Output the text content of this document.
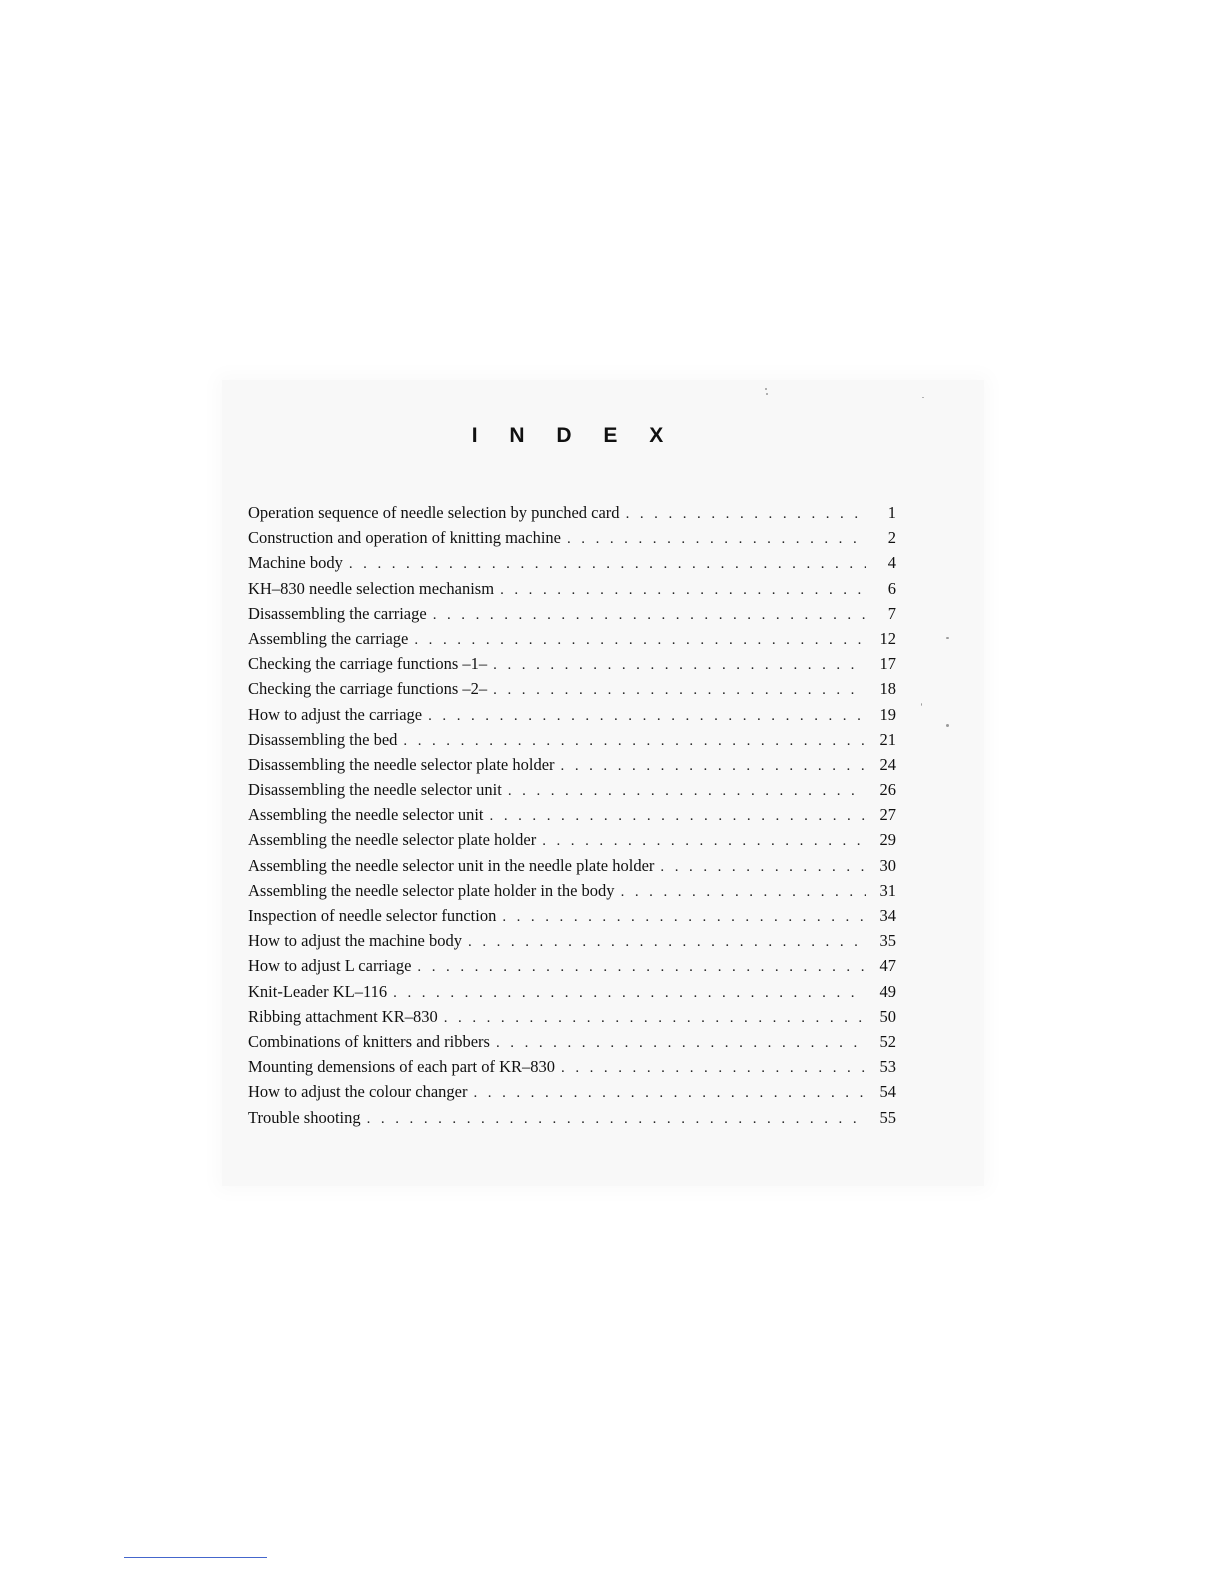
I N D E X
Operation sequence of needle selection by punched card . . .	1
Construction and operation of knitting machine . . .	2
Machine body . . .	4
KH–830 needle selection mechanism . . .	6
Disassembling the carriage . . .	7
Assembling the carriage . . .	12
Checking the carriage functions –1– . . .	17
Checking the carriage functions –2– . . .	18
How to adjust the carriage . . .	19
Disassembling the bed . . .	21
Disassembling the needle selector plate holder . . .	24
Disassembling the needle selector unit . . .	26
Assembling the needle selector unit . . .	27
Assembling the needle selector plate holder . . .	29
Assembling the needle selector unit in the needle plate holder . . .	30
Assembling the needle selector plate holder in the body . . .	31
Inspection of needle selector function . . .	34
How to adjust the machine body . . .	35
How to adjust L carriage . . .	47
Knit-Leader KL–116 . . .	49
Ribbing attachment KR–830 . . .	50
Combinations of knitters and ribbers . . .	52
Mounting demensions of each part of KR–830 . . .	53
How to adjust the colour changer . . .	54
Trouble shooting . . .	55
